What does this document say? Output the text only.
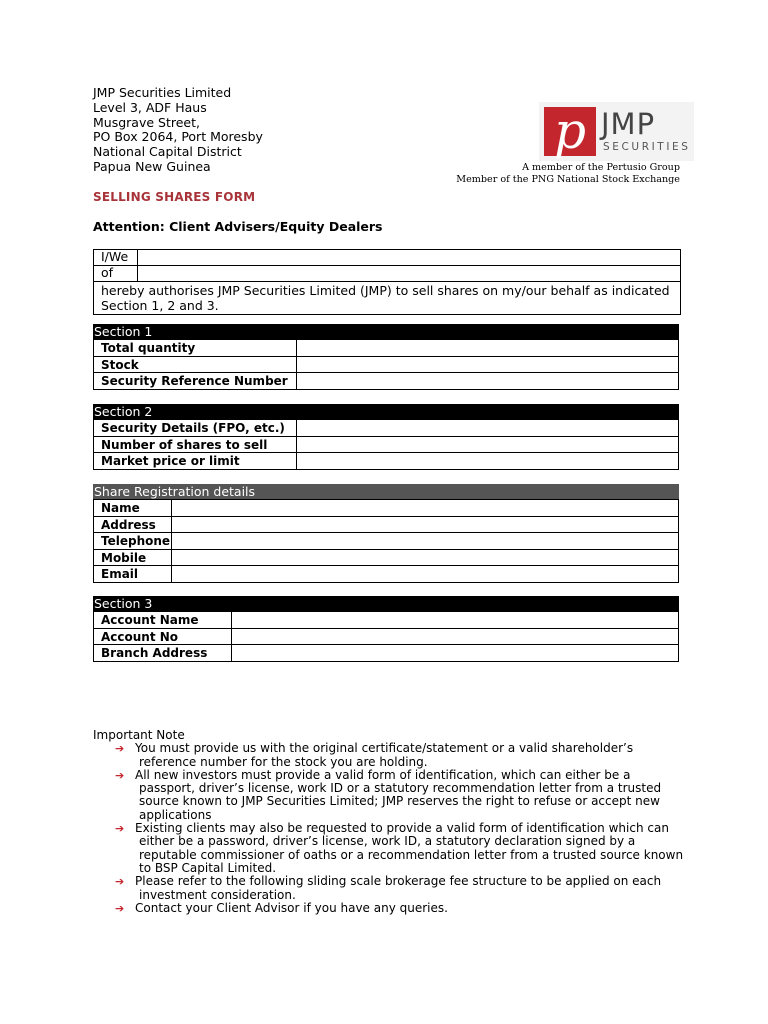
JMP Securities Limited
Level 3, ADF Haus
Musgrave Street,
PO Box 2064, Port Moresby
National Capital District
Papua New Guinea
p JMP
SECURITIES
A member of the Pertusio Group
Member of the PNG National Stock Exchange
SELLING SHARES FORM
Attention: Client Advisers/Equity Dealers
I/We
of
hereby authorises JMP Securities Limited (JMP) to sell shares on my/our behalf as indicated Section 1, 2 and 3.
Section 1
Total quantity
Stock
Security Reference Number
Section 2
Security Details (FPO, etc.)
Number of shares to sell
Market price or limit
Share Registration details
Name
Address
Telephone
Mobile
Email
Section 3
Account Name
Account No
Branch Address
Important Note
➔ You must provide us with the original certificate/statement or a valid shareholder’s
reference number for the stock you are holding.
➔ All new investors must provide a valid form of identification, which can either be a
passport, driver’s license, work ID or a statutory recommendation letter from a trusted
source known to JMP Securities Limited; JMP reserves the right to refuse or accept new
applications
➔ Existing clients may also be requested to provide a valid form of identification which can
either be a password, driver’s license, work ID, a statutory declaration signed by a
reputable commissioner of oaths or a recommendation letter from a trusted source known
to BSP Capital Limited.
➔ Please refer to the following sliding scale brokerage fee structure to be applied on each
investment consideration.
➔ Contact your Client Advisor if you have any queries.
